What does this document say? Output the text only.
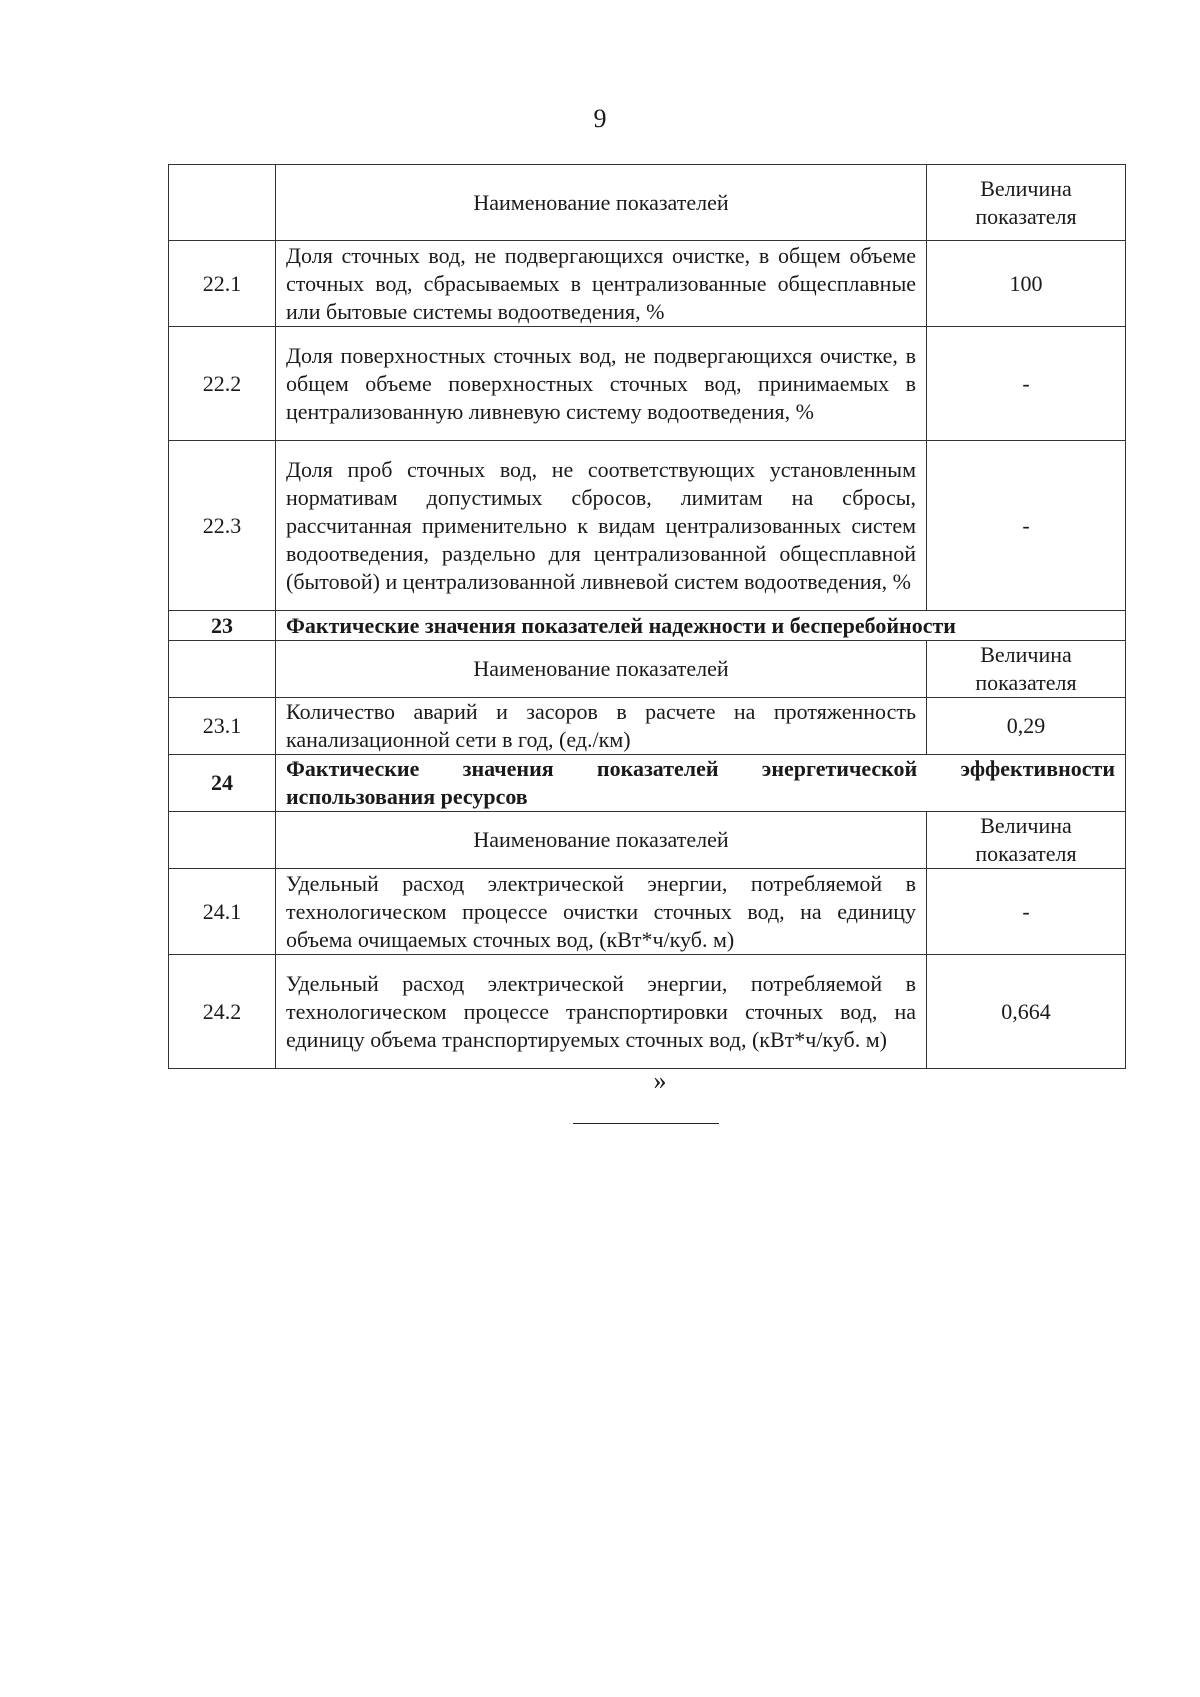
9
	Наименование показателей	Величина показателя
22.1	Доля сточных вод, не подвергающихся очистке, в общем объеме сточных вод, сбрасываемых в централизованные общесплавные или бытовые системы водоотведения, %	100
22.2	Доля поверхностных сточных вод, не подвергающихся очистке, в общем объеме поверхностных сточных вод, принимаемых в централизованную ливневую систему водоотведения, %	-
22.3	Доля проб сточных вод, не соответствующих установленным нормативам допустимых сбросов, лимитам на сбросы, рассчитанная применительно к видам централизованных систем водоотведения, раздельно для централизованной общесплавной (бытовой) и централизованной ливневой систем водоотведения, %	-
23	Фактические значения показателей надежности и бесперебойности	
	Наименование показателей	Величина показателя
23.1	Количество аварий и засоров в расчете на протяженность канализационной сети в год, (ед./км)	0,29
24	Фактические значения показателей энергетической эффективности использования ресурсов	
	Наименование показателей	Величина показателя
24.1	Удельный расход электрической энергии, потребляемой в технологическом процессе очистки сточных вод, на единицу объема очищаемых сточных вод, (кВт*ч/куб. м)	-
24.2	Удельный расход электрической энергии, потребляемой в технологическом процессе транспортировки сточных вод, на единицу объема транспортируемых сточных вод, (кВт*ч/куб. м)	0,664
»
